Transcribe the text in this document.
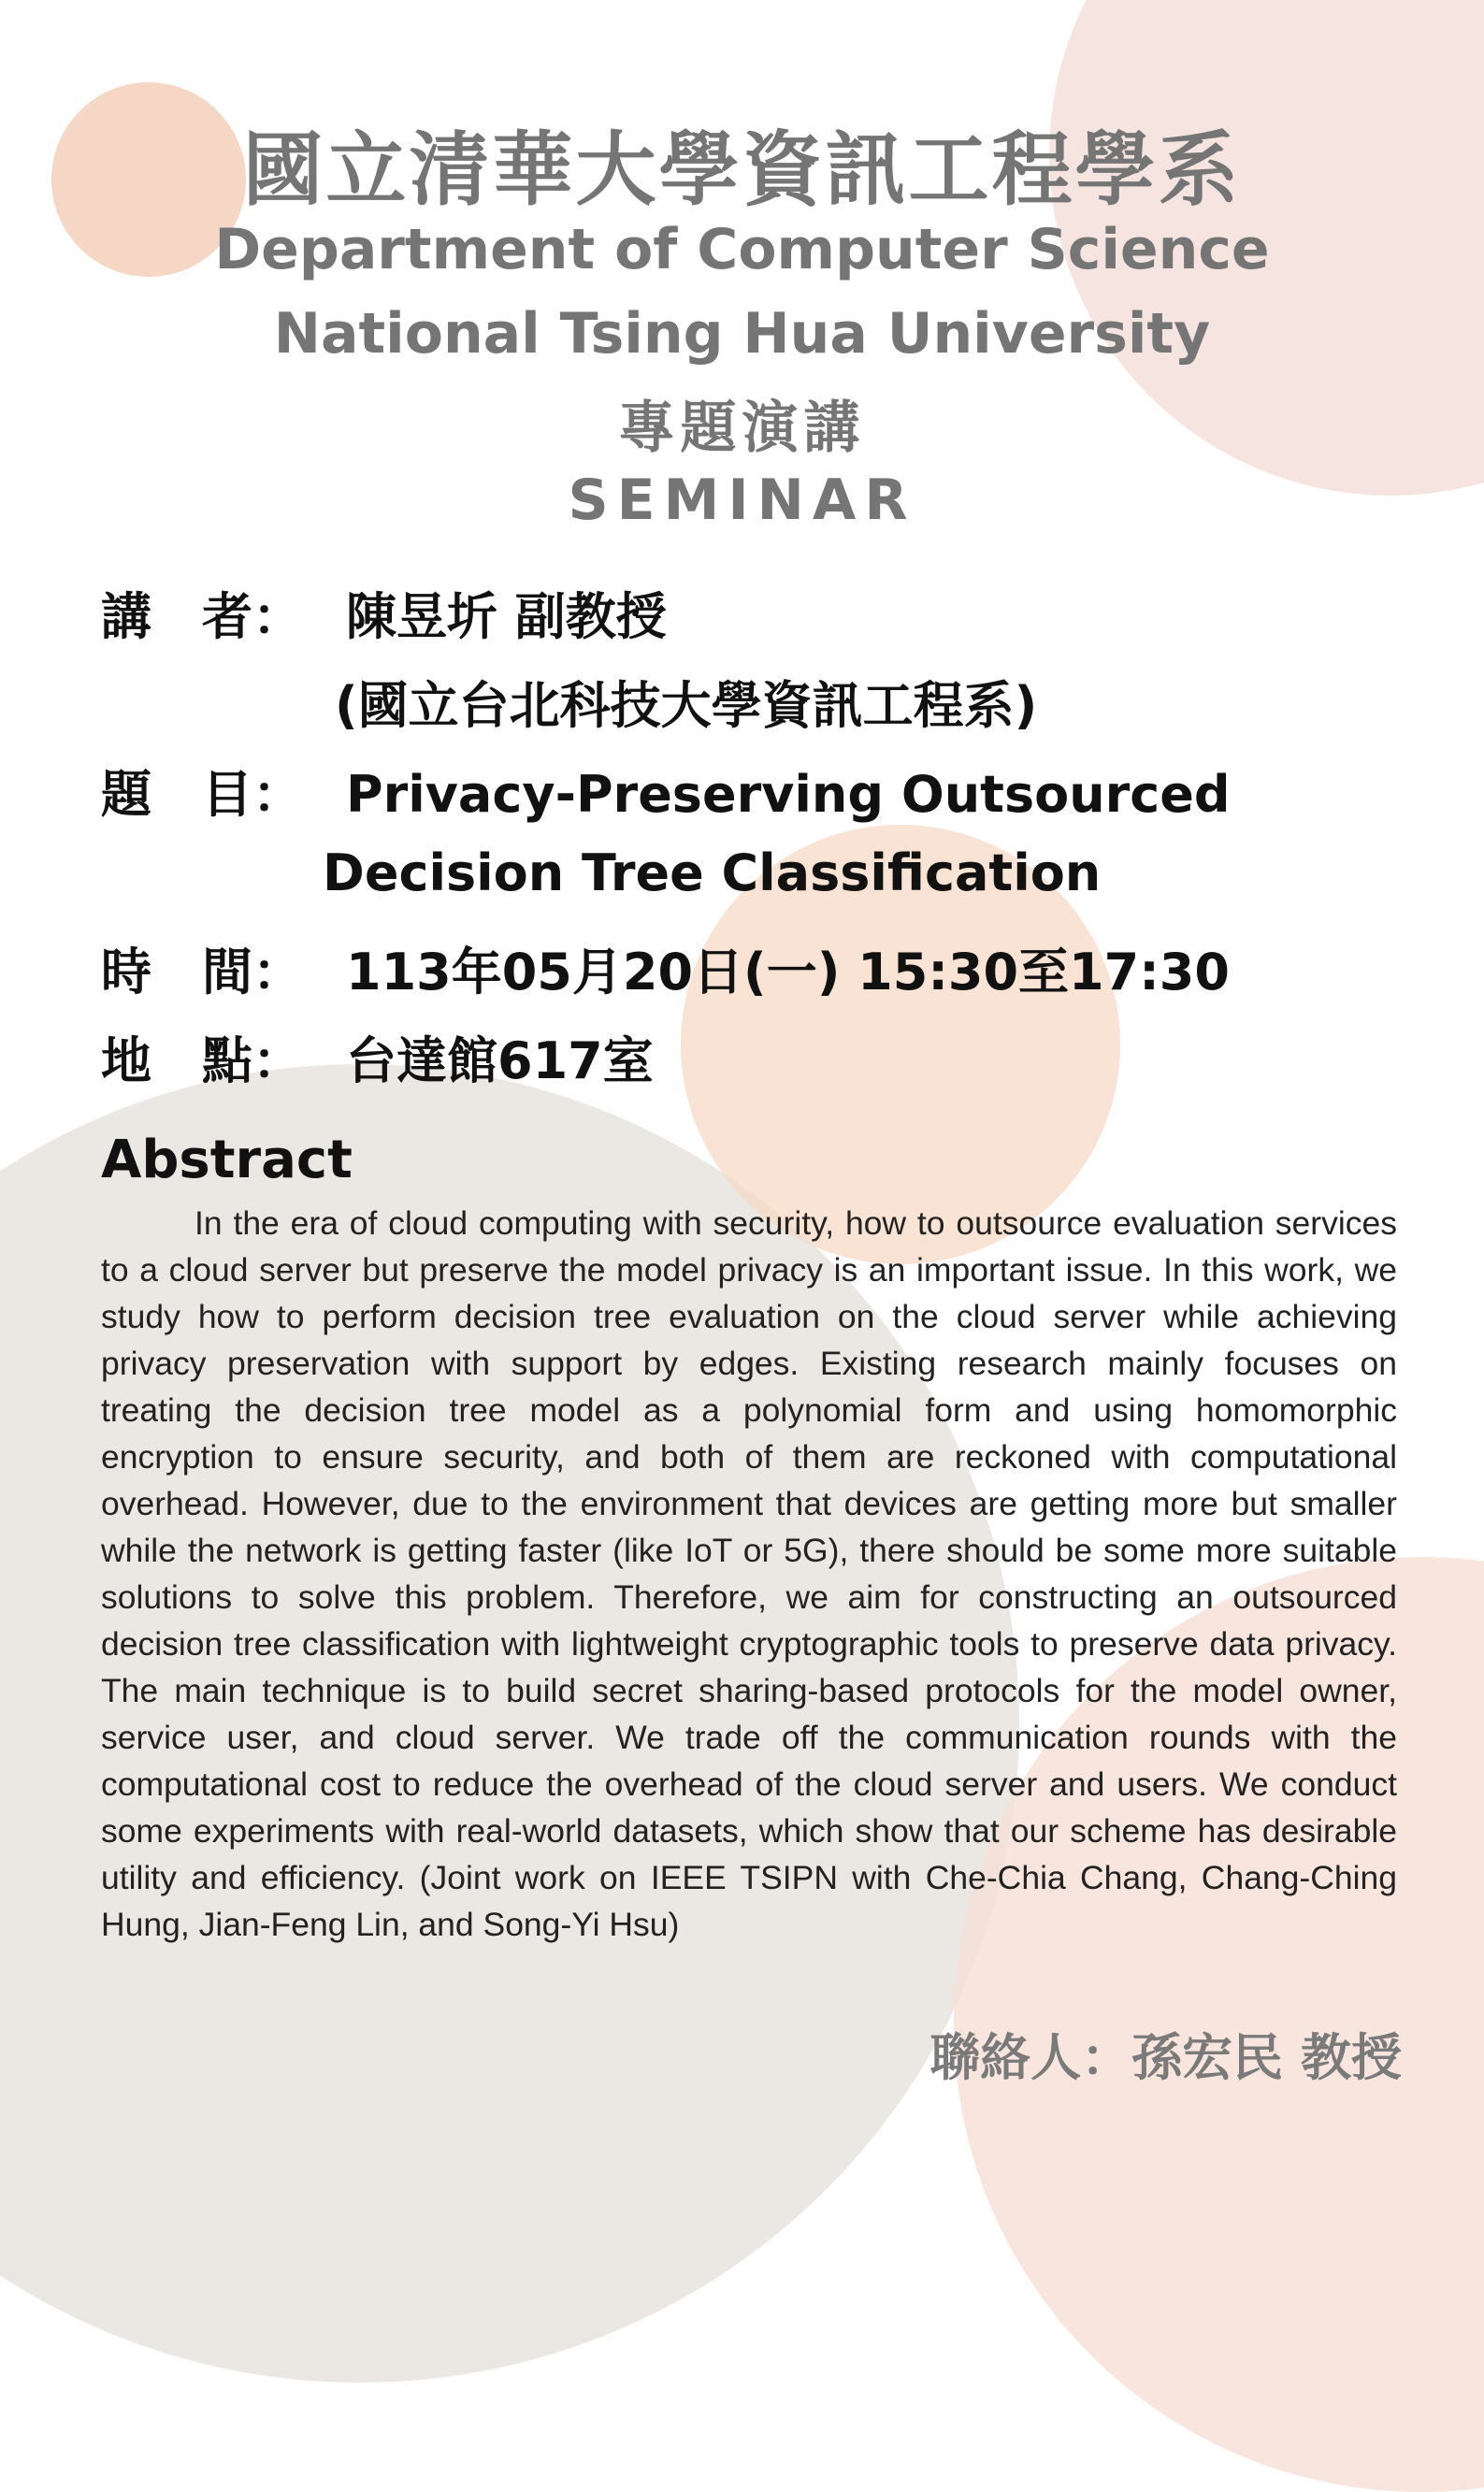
國立清華大學資訊工程學系
Department of Computer Science
National Tsing Hua University
專題演講
SEMINAR
講　者： 陳昱圻 副教授
(國立台北科技大學資訊工程系)
題　目： Privacy-Preserving Outsourced
Decision Tree Classification
時　間： 113年05月20日(一) 15:30至17:30
地　點： 台達館617室
Abstract

In the era of cloud computing with security, how to outsource evaluation services to a cloud server but preserve the model privacy is an important issue. In this work, we study how to perform decision tree evaluation on the cloud server while achieving privacy preservation with support by edges. Existing research mainly focuses on treating the decision tree model as a polynomial form and using homomorphic encryption to ensure security, and both of them are reckoned with computational overhead. However, due to the environment that devices are getting more but smaller while the network is getting faster (like IoT or 5G), there should be some more suitable solutions to solve this problem. Therefore, we aim for constructing an outsourced decision tree classification with lightweight cryptographic tools to preserve data privacy. The main technique is to build secret sharing-based protocols for the model owner, service user, and cloud server. We trade off the communication rounds with the computational cost to reduce the overhead of the cloud server and users. We conduct some experiments with real-world datasets, which show that our scheme has desirable utility and efficiency. (Joint work on IEEE TSIPN with Che-Chia Chang, Chang-Ching Hung, Jian-Feng Lin, and Song-Yi Hsu)

聯絡人：孫宏民 教授
